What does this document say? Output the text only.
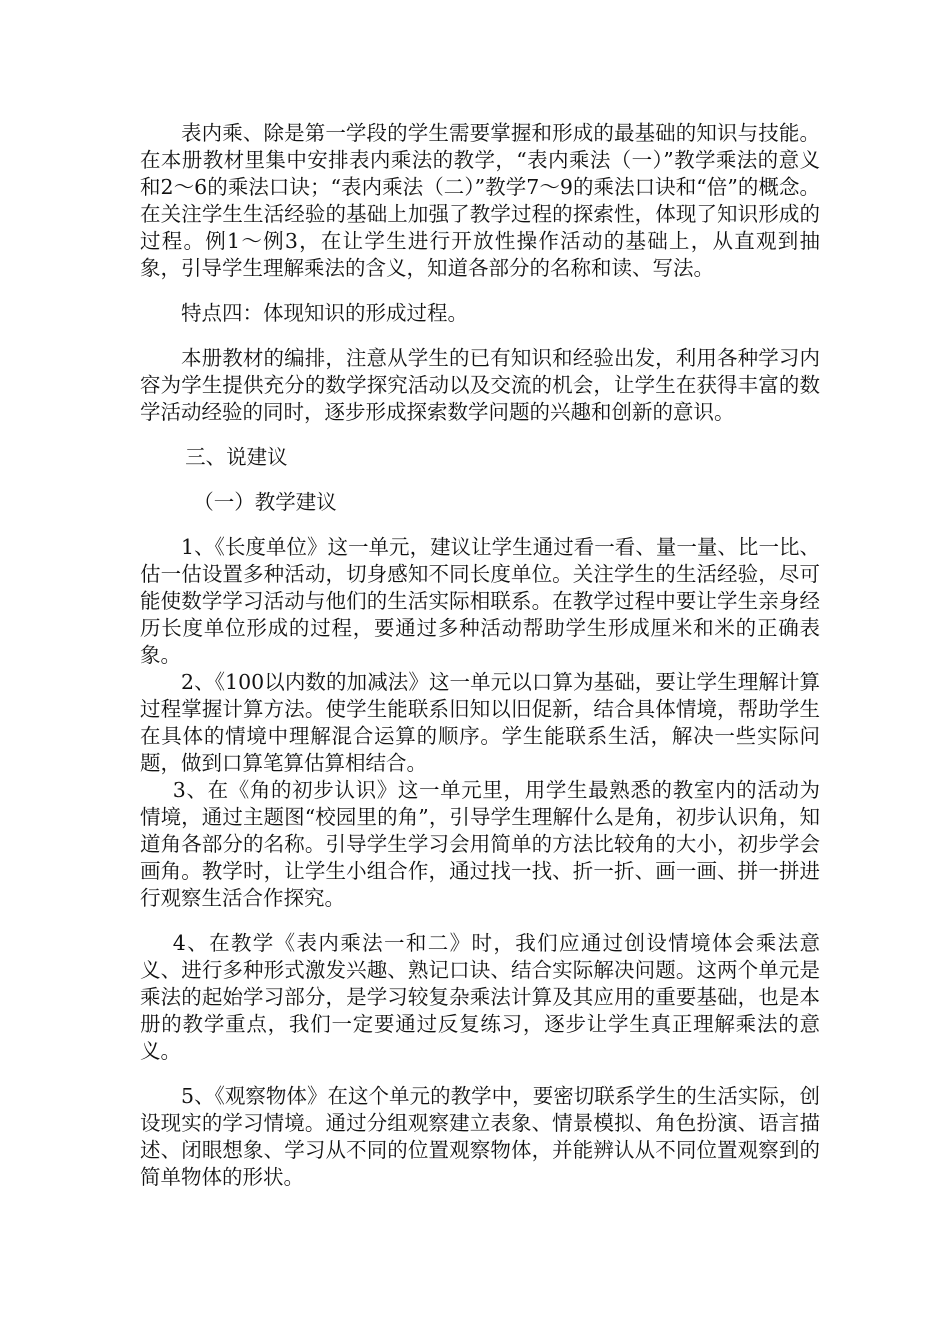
表内乘、除是第一学段的学生需要掌握和形成的最基础的知识与技能。在本册教材里集中安排表内乘法的教学，“表内乘法（一）”教学乘法的意义和2～6的乘法口诀；“表内乘法（二）”教学7～9的乘法口诀和“倍”的概念。在关注学生生活经验的基础上加强了教学过程的探索性，体现了知识形成的过程。例1～例3，在让学生进行开放性操作活动的基础上，从直观到抽象，引导学生理解乘法的含义，知道各部分的名称和读、写法。

特点四：体现知识的形成过程。

本册教材的编排，注意从学生的已有知识和经验出发，利用各种学习内容为学生提供充分的数学探究活动以及交流的机会，让学生在获得丰富的数学活动经验的同时，逐步形成探索数学问题的兴趣和创新的意识。

三、说建议

（一）教学建议

1、《长度单位》这一单元，建议让学生通过看一看、量一量、比一比、估一估设置多种活动，切身感知不同长度单位。关注学生的生活经验，尽可能使数学学习活动与他们的生活实际相联系。在教学过程中要让学生亲身经历长度单位形成的过程，要通过多种活动帮助学生形成厘米和米的正确表象。

2、《100以内数的加减法》这一单元以口算为基础，要让学生理解计算过程掌握计算方法。使学生能联系旧知以旧促新，结合具体情境，帮助学生在具体的情境中理解混合运算的顺序。学生能联系生活，解决一些实际问题，做到口算笔算估算相结合。

3、在《角的初步认识》这一单元里，用学生最熟悉的教室内的活动为情境，通过主题图“校园里的角”，引导学生理解什么是角，初步认识角，知道角各部分的名称。引导学生学习会用简单的方法比较角的大小，初步学会画角。教学时，让学生小组合作，通过找一找、折一折、画一画、拼一拼进行观察生活合作探究。

4、在教学《表内乘法一和二》时，我们应通过创设情境体会乘法意义、进行多种形式激发兴趣、熟记口诀、结合实际解决问题。这两个单元是乘法的起始学习部分，是学习较复杂乘法计算及其应用的重要基础，也是本册的教学重点，我们一定要通过反复练习，逐步让学生真正理解乘法的意义。

5、《观察物体》在这个单元的教学中，要密切联系学生的生活实际，创设现实的学习情境。通过分组观察建立表象、情景模拟、角色扮演、语言描述、闭眼想象、学习从不同的位置观察物体，并能辨认从不同位置观察到的简单物体的形状。
